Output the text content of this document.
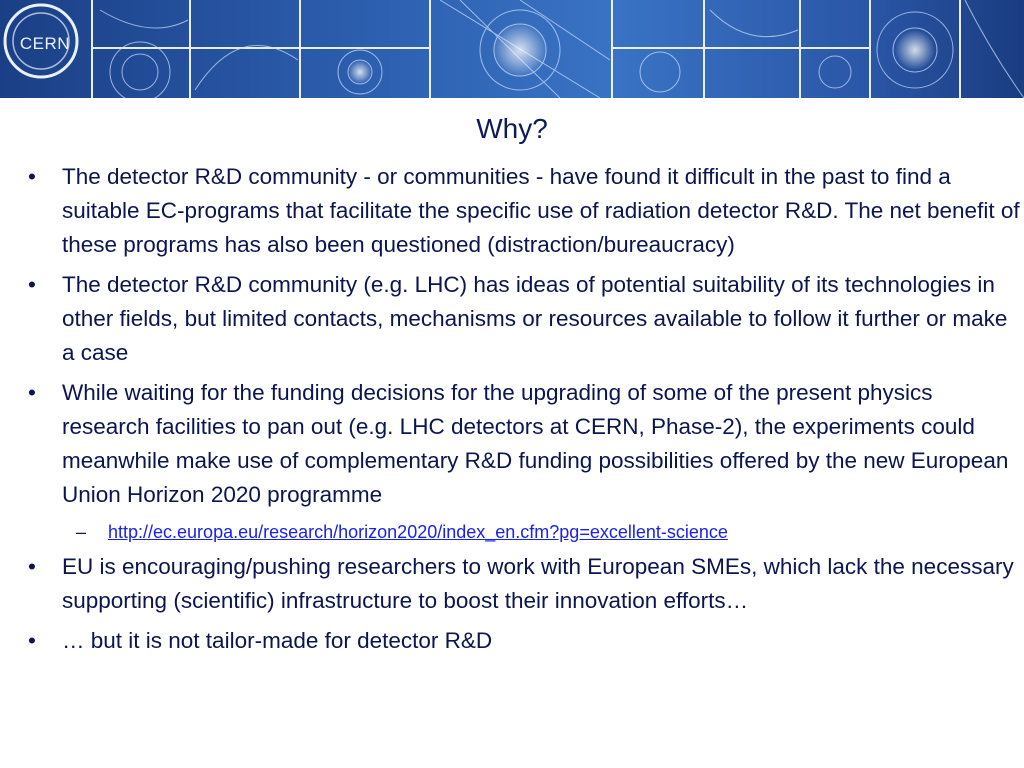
CERN
Why?
•	The detector R&D community - or communities - have found it difficult in the past to find a suitable EC-programs that facilitate the specific use of radiation detector R&D. The net benefit of these programs has also been questioned (distraction/bureaucracy)
•	The detector R&D community (e.g. LHC) has ideas of potential suitability of its technologies in other fields, but limited contacts, mechanisms or resources available to follow it further or make a case
•	While waiting for the funding decisions for the upgrading of some of the present physics research facilities to pan out (e.g. LHC detectors at CERN, Phase-2), the experiments could meanwhile make use of complementary R&D funding possibilities offered by the new European Union Horizon 2020 programme
– http://ec.europa.eu/research/horizon2020/index_en.cfm?pg=excellent-science
•	EU is encouraging/pushing researchers to work with European SMEs, which lack the necessary supporting (scientific) infrastructure to boost their innovation efforts…
•	… but it is not tailor-made for detector R&D
